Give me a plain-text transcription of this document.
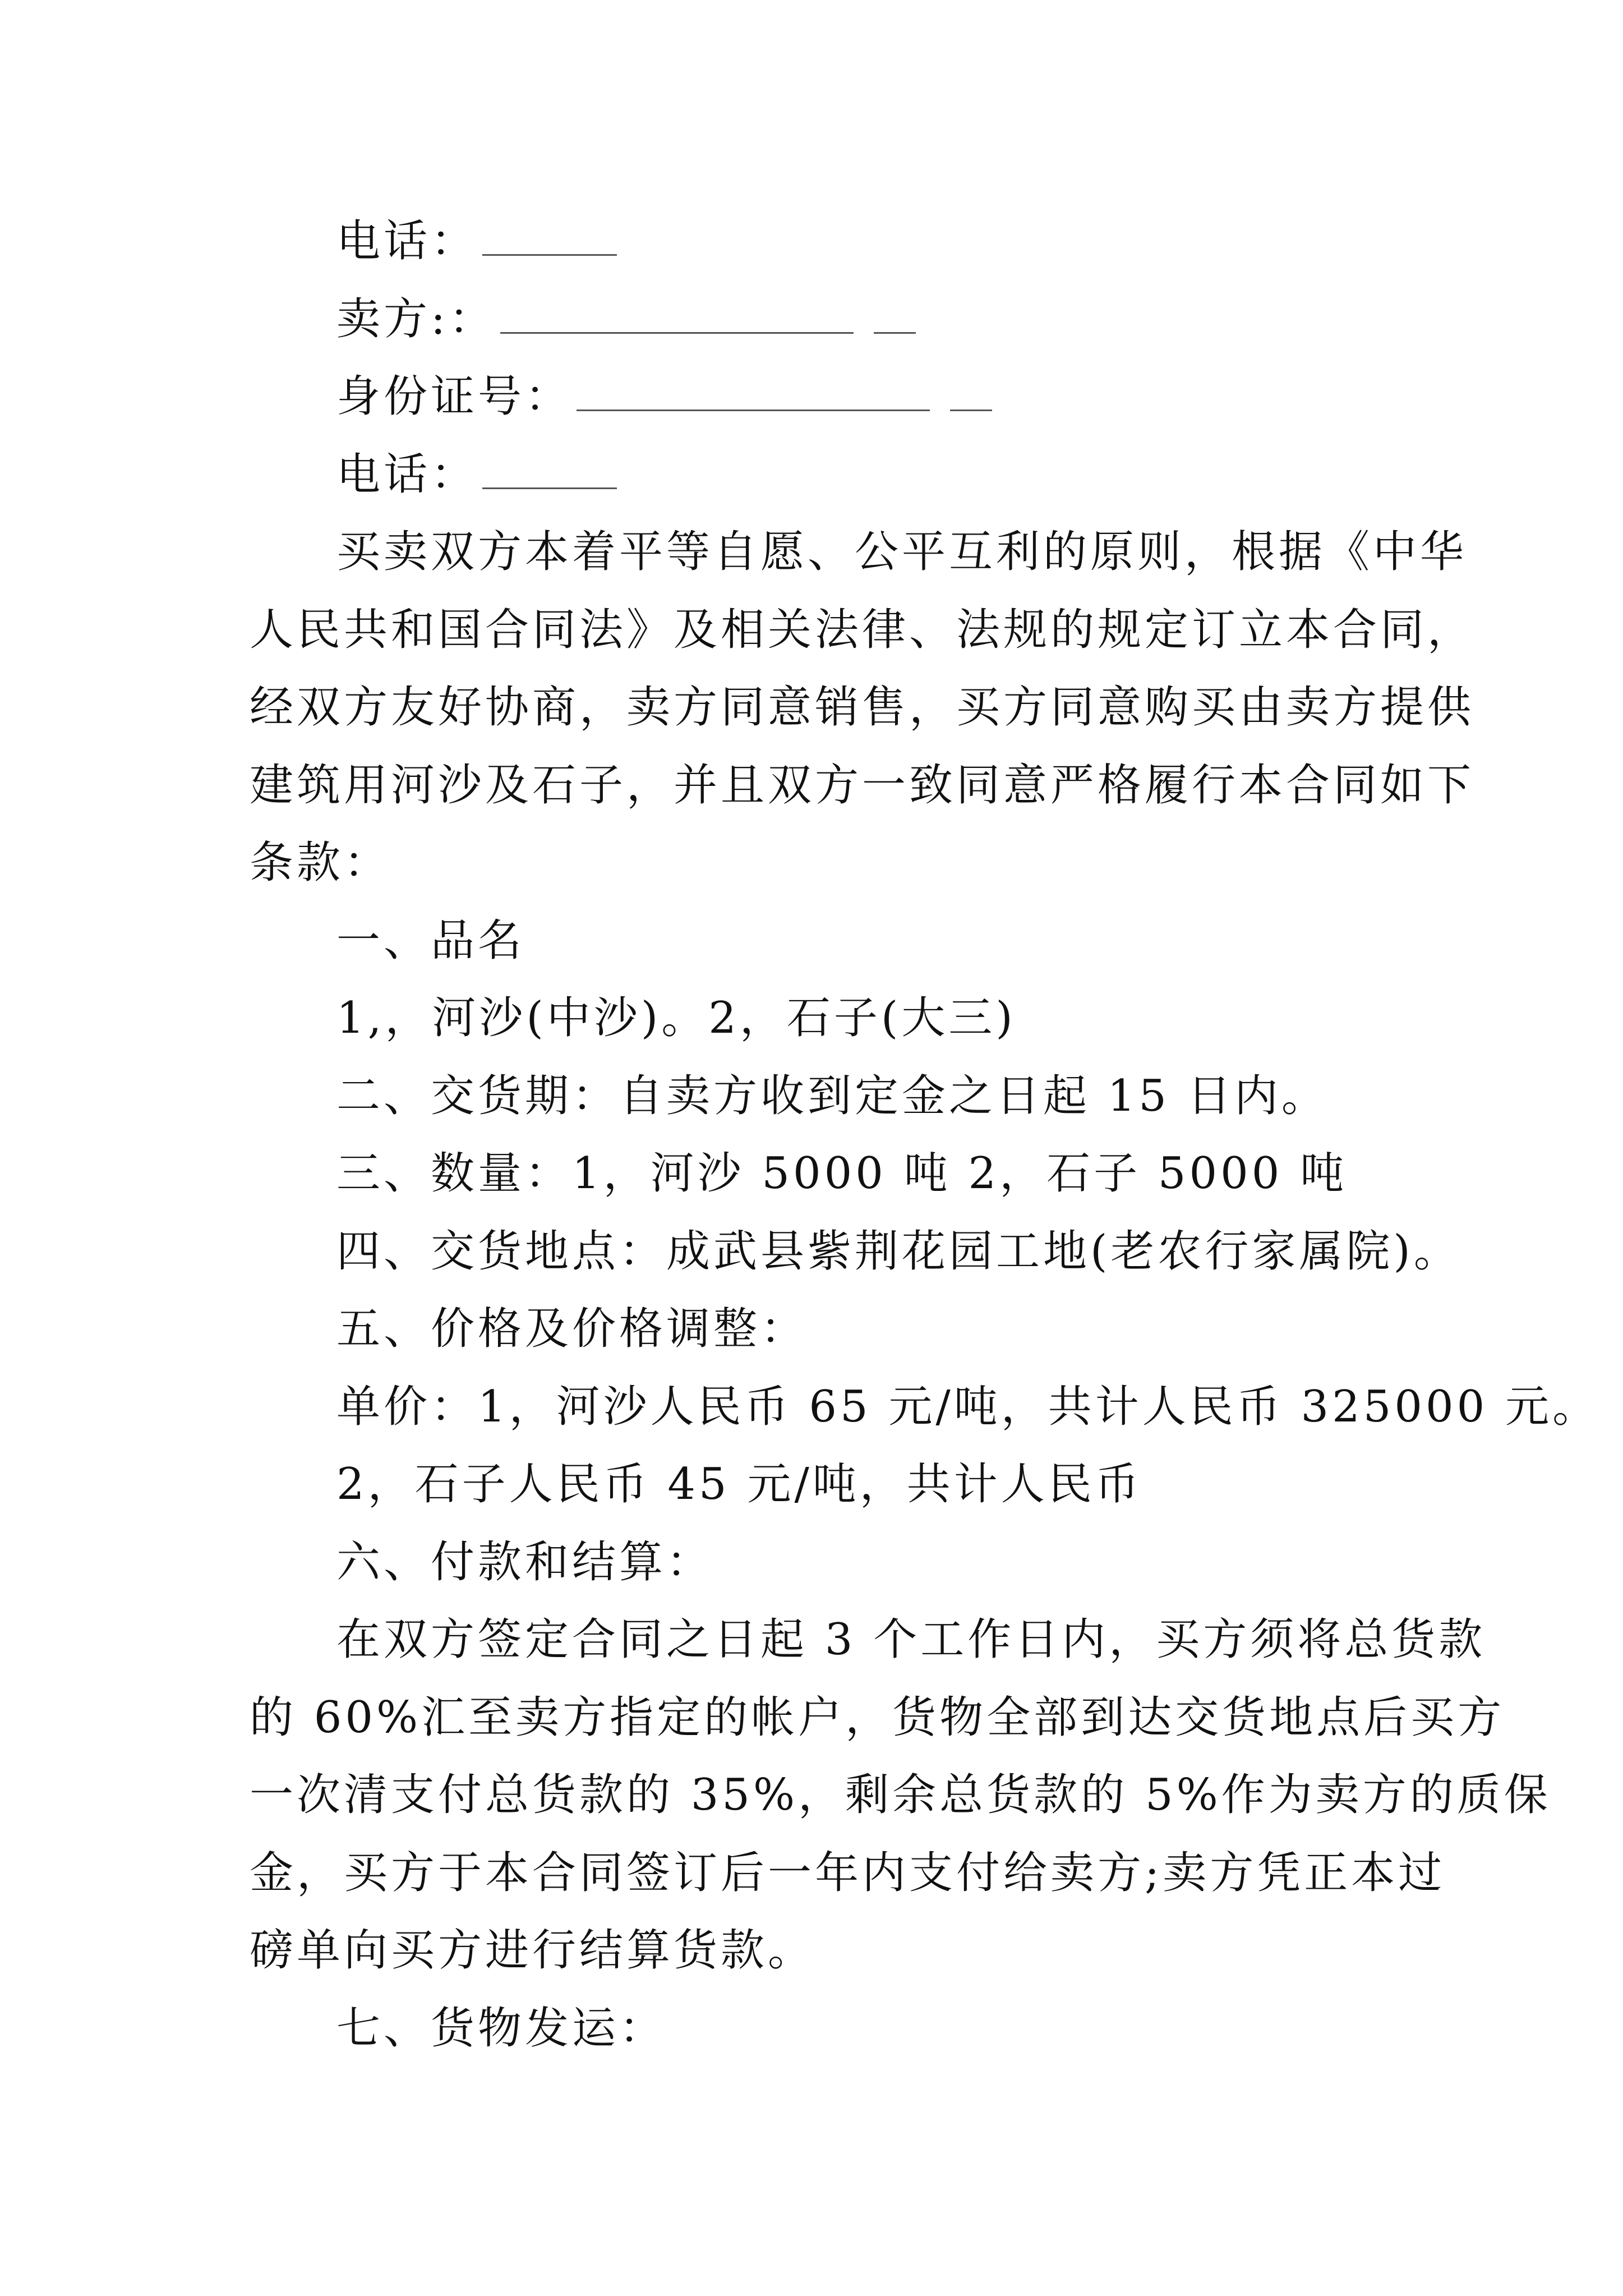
电话：
卖方:：
身份证号：
电话：
买卖双方本着平等自愿、公平互利的原则，根据《中华
人民共和国合同法》及相关法律、法规的规定订立本合同，
经双方友好协商，卖方同意销售，买方同意购买由卖方提供
建筑用河沙及石子，并且双方一致同意严格履行本合同如下
条款：
一、品名
1,，河沙(中沙)。2，石子(大三)
二、交货期：自卖方收到定金之日起 15 日内。
三、数量：1，河沙 5000 吨 2，石子 5000 吨
四、交货地点：成武县紫荆花园工地(老农行家属院)。
五、价格及价格调整：
单价：1，河沙人民币 65 元/吨，共计人民币 325000 元。
2，石子人民币 45 元/吨，共计人民币
六、付款和结算：
在双方签定合同之日起 3 个工作日内，买方须将总货款
的 60%汇至卖方指定的帐户，货物全部到达交货地点后买方
一次清支付总货款的 35%，剩余总货款的 5%作为卖方的质保
金，买方于本合同签订后一年内支付给卖方;卖方凭正本过
磅单向买方进行结算货款。
七、货物发运：
